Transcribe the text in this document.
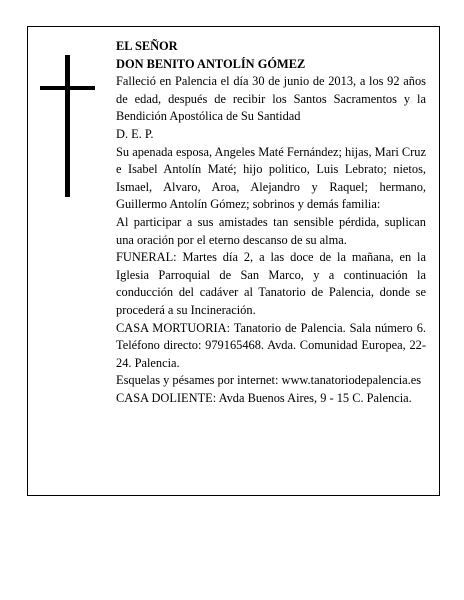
EL SEÑOR

DON BENITO ANTOLÍN GÓMEZ

Falleció en Palencia el día 30 de junio de 2013, a los 92 años de edad, después de recibir los Santos Sacramentos y la Bendición Apostólica de Su Santidad

D. E. P.

Su apenada esposa, Angeles Maté Fernández; hijas, Mari Cruz e Isabel Antolín Maté; hijo politico, Luis Lebrato; nietos, Ismael, Alvaro, Aroa, Alejandro y Raquel; hermano, Guillermo Antolín Gómez; sobrinos y demás familia:

Al participar a sus amistades tan sensible pérdida, suplican una oración por el eterno descanso de su alma.

FUNERAL: Martes día 2, a las doce de la mañana, en la Iglesia Parroquial de San Marco, y a continuación la conducción del cadáver al Tanatorio de Palencia, donde se procederá a su Incineración.

CASA MORTUORIA: Tanatorio de Palencia. Sala número 6. Teléfono directo: 979165468. Avda. Comunidad Europea, 22-24. Palencia.

Esquelas y pésames por internet: www.tanatoriodepalencia.es

CASA DOLIENTE: Avda Buenos Aires, 9 - 15 C. Palencia.
